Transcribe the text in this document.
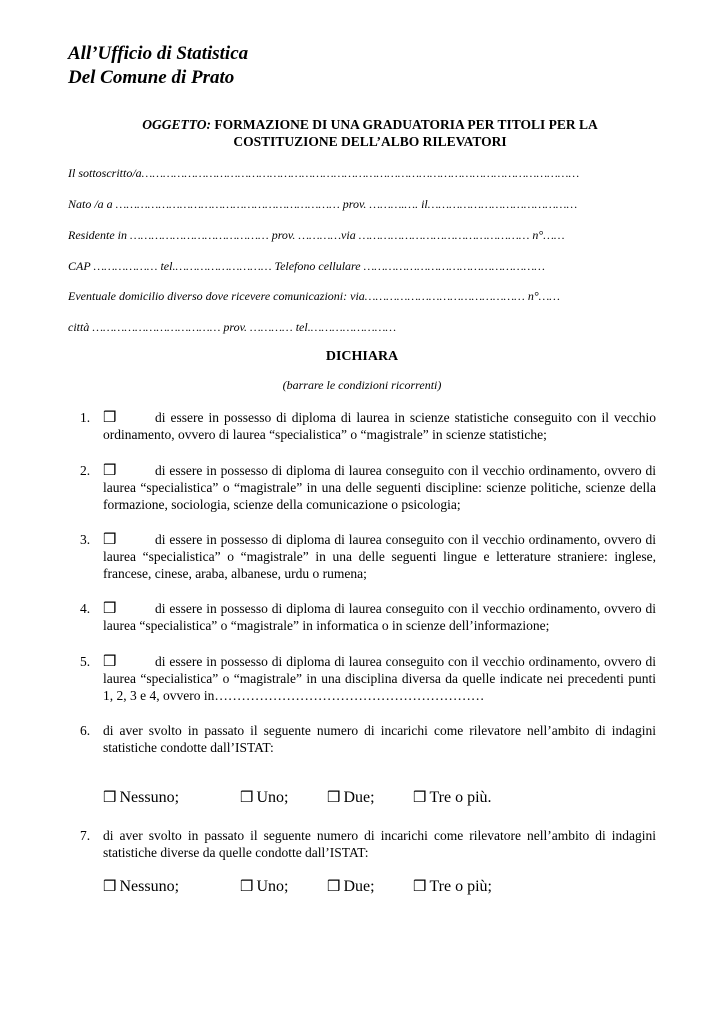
All’Ufficio di Statistica
Del Comune di Prato
OGGETTO: FORMAZIONE DI UNA GRADUATORIA PER TITOLI PER LA
COSTITUZIONE DELL’ALBO RILEVATORI
Il sottoscritto/a……………………………………………………………………………………………………………
Nato /a a ……………………………………………………… prov. ……….…. il……………………………………
Residente in ………………………………… prov. …………via ………………………………………… n°……
CAP ……………… tel.……………………… Telefono cellulare ……………………………………………
Eventuale domicilio diverso dove ricevere comunicazioni: via……………………………………… n°……
città ……………………………… prov. ………… tel.……………………
DICHIARA
(barrare le condizioni ricorrenti)
1. ❒	di essere in possesso di diploma di laurea in scienze statistiche conseguito con il vecchio ordinamento, ovvero di laurea “specialistica” o “magistrale” in scienze statistiche;
2. ❒	di essere in possesso di diploma di laurea conseguito con il vecchio ordinamento, ovvero di laurea “specialistica” o “magistrale” in una delle seguenti discipline: scienze politiche, scienze della formazione, sociologia, scienze della comunicazione o psicologia;
3. ❒	di essere in possesso di diploma di laurea conseguito con il vecchio ordinamento, ovvero di laurea “specialistica” o “magistrale” in una delle seguenti lingue e letterature straniere: inglese, francese, cinese, araba, albanese, urdu o rumena;
4. ❒	di essere in possesso di diploma di laurea conseguito con il vecchio ordinamento, ovvero di laurea “specialistica” o “magistrale” in informatica o in scienze dell’informazione;
5. ❒	di essere in possesso di diploma di laurea conseguito con il vecchio ordinamento, ovvero di laurea “specialistica” o “magistrale” in una disciplina diversa da quelle indicate nei precedenti punti 1, 2, 3 e 4, ovvero in……………………………………………………
6. di aver svolto in passato il seguente numero di incarichi come rilevatore nell’ambito di indagini statistiche condotte dall’ISTAT:
❒ Nessuno;	❒ Uno;	❒ Due;	❒ Tre o più.
7. di aver svolto in passato il seguente numero di incarichi come rilevatore nell’ambito di indagini statistiche diverse da quelle condotte dall’ISTAT:
❒ Nessuno;	❒ Uno;	❒ Due;	❒ Tre o più;
